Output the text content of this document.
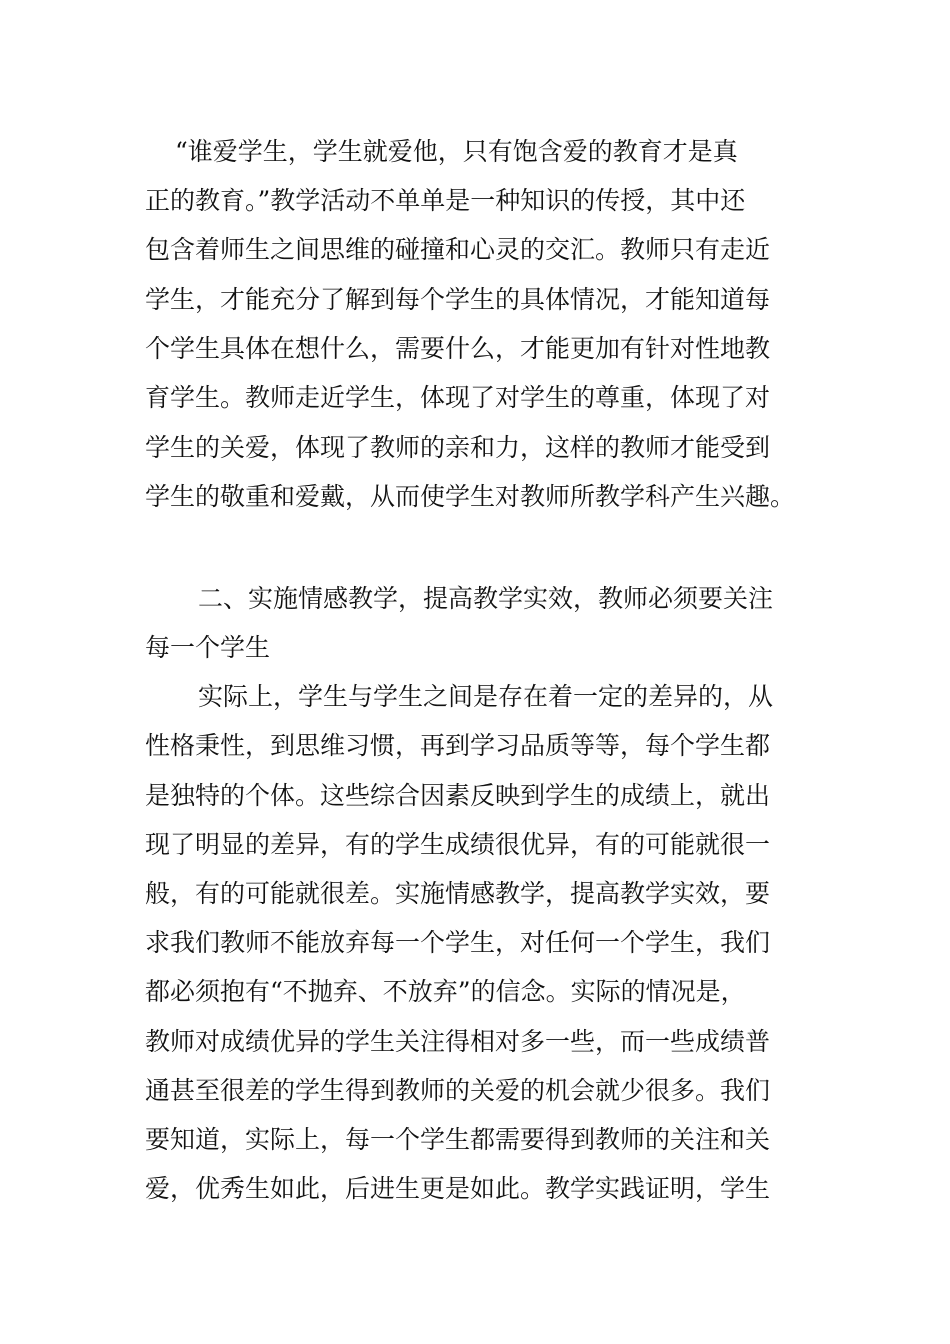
“谁爱学生，学生就爱他，只有饱含爱的教育才是真
正的教育。”教学活动不单单是一种知识的传授，其中还
包含着师生之间思维的碰撞和心灵的交汇。教师只有走近
学生，才能充分了解到每个学生的具体情况，才能知道每
个学生具体在想什么，需要什么，才能更加有针对性地教
育学生。教师走近学生，体现了对学生的尊重，体现了对
学生的关爱，体现了教师的亲和力，这样的教师才能受到
学生的敬重和爱戴，从而使学生对教师所教学科产生兴趣。
二、实施情感教学，提高教学实效，教师必须要关注
每一个学生
实际上，学生与学生之间是存在着一定的差异的，从
性格秉性，到思维习惯，再到学习品质等等，每个学生都
是独特的个体。这些综合因素反映到学生的成绩上，就出
现了明显的差异，有的学生成绩很优异，有的可能就很一
般，有的可能就很差。实施情感教学，提高教学实效，要
求我们教师不能放弃每一个学生，对任何一个学生，我们
都必须抱有“不抛弃、不放弃”的信念。实际的情况是，
教师对成绩优异的学生关注得相对多一些，而一些成绩普
通甚至很差的学生得到教师的关爱的机会就少很多。我们
要知道，实际上，每一个学生都需要得到教师的关注和关
爱，优秀生如此，后进生更是如此。教学实践证明，学生
